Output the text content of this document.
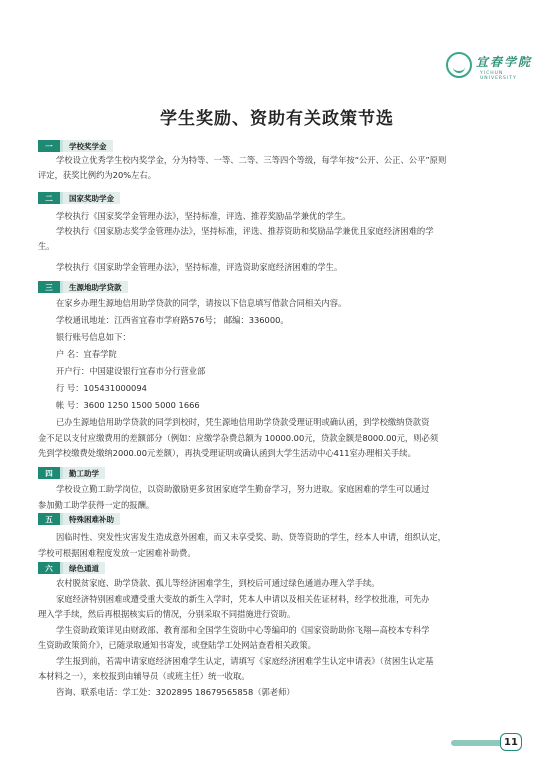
宜春学院
YICHUN UNIVERSITY
学生奖励、资助有关政策节选
一	学校奖学金

学校设立优秀学生校内奖学金，分为特等、一等、二等、三等四个等级，每学年按“公开、公正、公平”原则

评定，获奖比例约为20%左右。

二	国家奖助学金

学校执行《国家奖学金管理办法》，坚持标准，评选、推荐奖励品学兼优的学生。

学校执行《国家励志奖学金管理办法》，坚持标准，评选、推荐资助和奖励品学兼优且家庭经济困难的学

生。

学校执行《国家助学金管理办法》，坚持标准，评选资助家庭经济困难的学生。

三	生源地助学贷款

在家乡办理生源地信用助学贷款的同学，请按以下信息填写借款合同相关内容。

学校通讯地址：江西省宜春市学府路576号； 邮编：336000。

银行账号信息如下：

户 名：宜春学院

开户行：中国建设银行宜春市分行营业部

行 号：105431000094

帐 号：3600 1250 1500 5000 1666

已办生源地信用助学贷款的同学到校时，凭生源地信用助学贷款受理证明或确认函，到学校缴纳贷款资

金不足以支付应缴费用的差额部分（例如：应缴学杂费总额为 10000.00元，贷款金额是8000.00元，则必须

先到学校缴费处缴纳2000.00元差额），再执受理证明或确认函到大学生活动中心411室办理相关手续。

四	勤工助学

学校设立勤工助学岗位，以资助激励更多贫困家庭学生勤奋学习，努力进取。家庭困难的学生可以通过

参加勤工助学获得一定的报酬。

五	特殊困难补助

因临时性、突发性灾害发生造成意外困难，而又未享受奖、助、贷等资助的学生，经本人申请，组织认定，

学校可根据困难程度发放一定困难补助费。

六	绿色通道

农村脱贫家庭、助学贷款、孤儿等经济困难学生，到校后可通过绿色通道办理入学手续。

家庭经济特别困难或遭受重大变故的新生入学时，凭本人申请以及相关佐证材料，经学校批准，可先办

理入学手续，然后再根据核实后的情况，分别采取不同措施进行资助。

学生资助政策详见由财政部、教育部和全国学生资助中心等编印的《国家资助助你飞翔—高校本专科学

生资助政策简介》，已随录取通知书寄发，或登陆学工处网站查看相关政策。

学生报到前，若需申请家庭经济困难学生认定，请填写《家庭经济困难学生认定申请表》（贫困生认定基

本材料之一），来校报到由辅导员（或班主任）统一收取。

咨询、联系电话：学工处：3202895 18679565858（郭老师）

11
